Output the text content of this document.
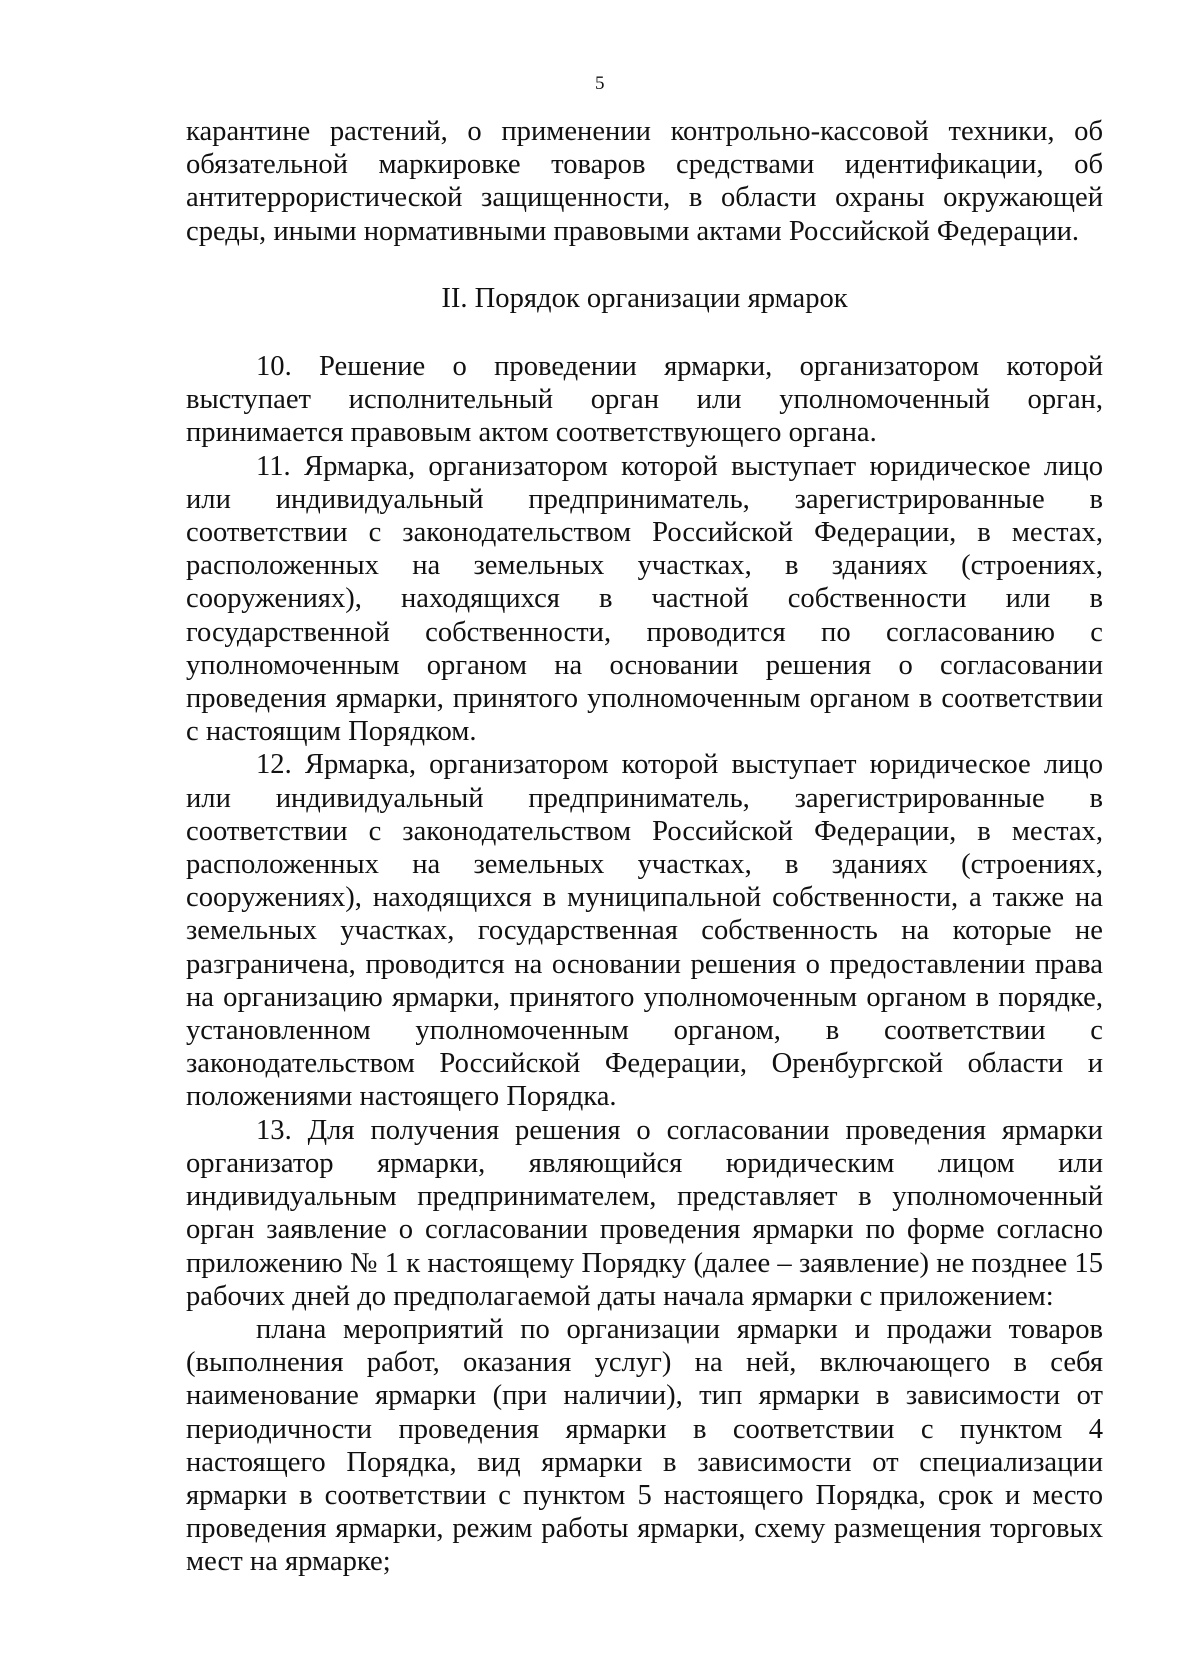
5

карантине растений, о применении контрольно-кассовой техники, об обязательной маркировке товаров средствами идентификации, об антитеррористической защищенности, в области охраны окружающей среды, иными нормативными правовыми актами Российской Федерации.

II. Порядок организации ярмарок

10. Решение о проведении ярмарки, организатором которой выступает исполнительный орган или уполномоченный орган, принимается правовым актом соответствующего органа.

11. Ярмарка, организатором которой выступает юридическое лицо или индивидуальный предприниматель, зарегистрированные в соответствии с законодательством Российской Федерации, в местах, расположенных на земельных участках, в зданиях (строениях, сооружениях), находящихся в частной собственности или в государственной собственности, проводится по согласованию с уполномоченным органом на основании решения о согласовании проведения ярмарки, принятого уполномоченным органом в соответствии с настоящим Порядком.

12. Ярмарка, организатором которой выступает юридическое лицо или индивидуальный предприниматель, зарегистрированные в соответствии с законодательством Российской Федерации, в местах, расположенных на земельных участках, в зданиях (строениях, сооружениях), находящихся в муниципальной собственности, а также на земельных участках, государственная собственность на которые не разграничена, проводится на основании решения о предоставлении права на организацию ярмарки, принятого уполномоченным органом в порядке, установленном уполномоченным органом, в соответствии с законодательством Российской Федерации, Оренбургской области и положениями настоящего Порядка.

13. Для получения решения о согласовании проведения ярмарки организатор ярмарки, являющийся юридическим лицом или индивидуальным предпринимателем, представляет в уполномоченный орган заявление о согласовании проведения ярмарки по форме согласно приложению № 1 к настоящему Порядку (далее – заявление) не позднее 15 рабочих дней до предполагаемой даты начала ярмарки с приложением:

плана мероприятий по организации ярмарки и продажи товаров (выполнения работ, оказания услуг) на ней, включающего в себя наименование ярмарки (при наличии), тип ярмарки в зависимости от периодичности проведения ярмарки в соответствии с пунктом 4 настоящего Порядка, вид ярмарки в зависимости от специализации ярмарки в соответствии с пунктом 5 настоящего Порядка, срок и место проведения ярмарки, режим работы ярмарки, схему размещения торговых мест на ярмарке;
